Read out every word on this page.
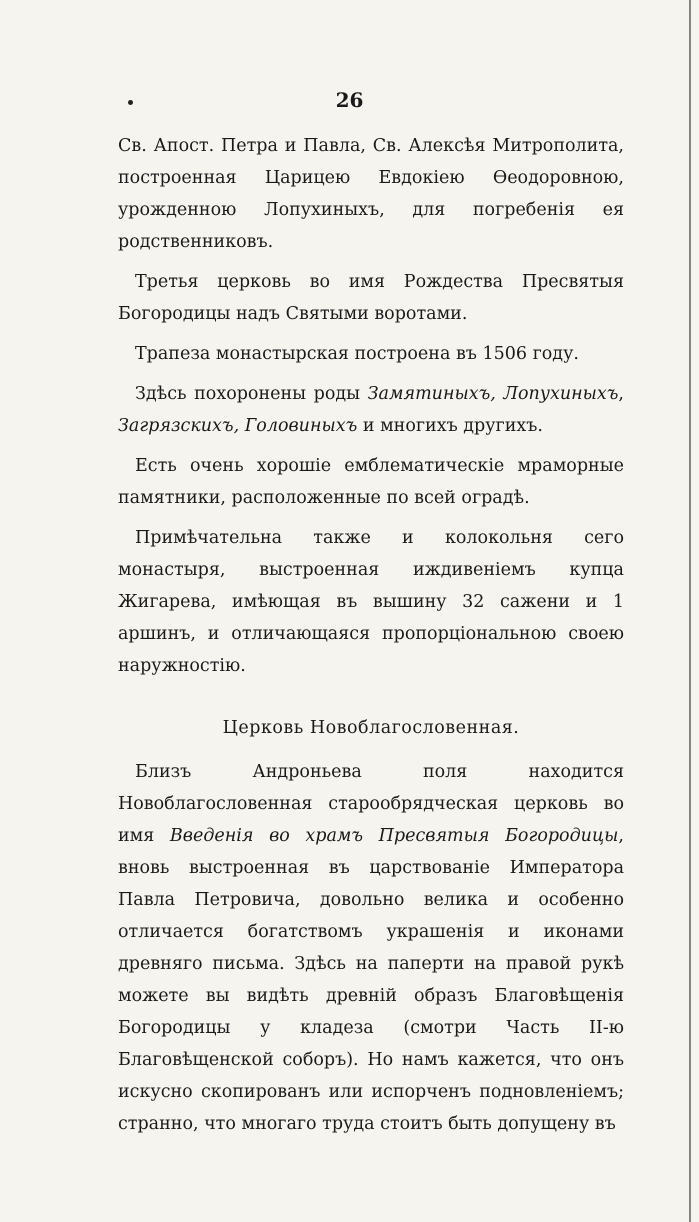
26

Св. Апост. Петра и Павла, Св. Алексѣя Митрополита, построенная Царицею Евдокіею Ѳеодоровною, урожденною Лопухиныхъ, для погребенія ея родственниковъ.

Третья церковь во имя Рождества Пресвятыя Богородицы надъ Святыми воротами.

Трапеза монастырская построена въ 1506 году.

Здѣсь похоронены роды Замятиныхъ, Лопухиныхъ, Загрязскихъ, Головиныхъ и многихъ другихъ.

Есть очень хорошіе емблематическіе мраморные памятники, расположенные по всей оградѣ.

Примѣчательна также и колокольня сего монастыря, выстроенная иждивеніемъ купца Жигарева, имѣющая въ вышину 32 сажени и 1 аршинъ, и отличающаяся пропорціональною своею наружностію.

Церковь Новоблагословенная.

Близъ Андроньева поля находится Новоблагословенная старообрядческая церковь во имя Введенія во храмъ Пресвятыя Богородицы, вновь выстроенная въ царствованіе Императора Павла Петровича, довольно велика и особенно отличается богатствомъ украшенія и иконами древняго письма. Здѣсь на паперти на правой рукѣ можете вы видѣть древній образъ Благовѣщенія Богородицы у кладеза (смотри Часть II-ю Благовѣщенской соборъ). Но намъ кажется, что онъ искусно скопированъ или испорченъ подновленіемъ; странно, что многаго труда стоитъ быть допущену въ
